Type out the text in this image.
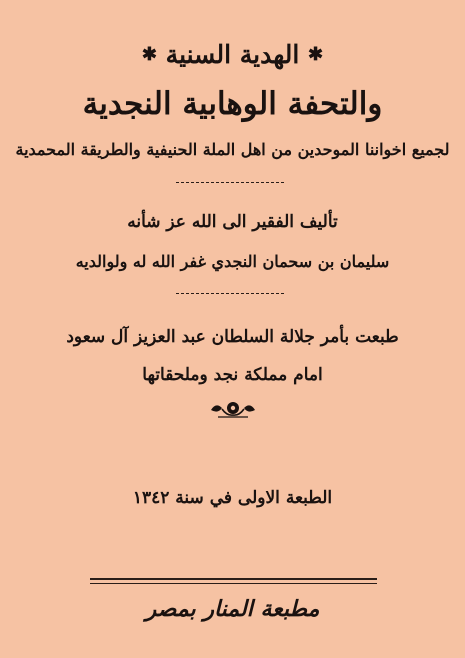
✱ الهدية السنية ✱
والتحفة الوهابية النجدية
لجميع اخواننا الموحدين من اهل الملة الحنيفية والطريقة المحمدية
تأليف الفقير الى الله عز شأنه
سليمان بن سحمان النجدي غفر الله له ولوالديه
طبعت بأمر جلالة السلطان عبد العزيز آل سعود
امام مملكة نجد وملحقاتها
الطبعة الاولى في سنة ١٣٤٢
مطبعة المنار بمصر
